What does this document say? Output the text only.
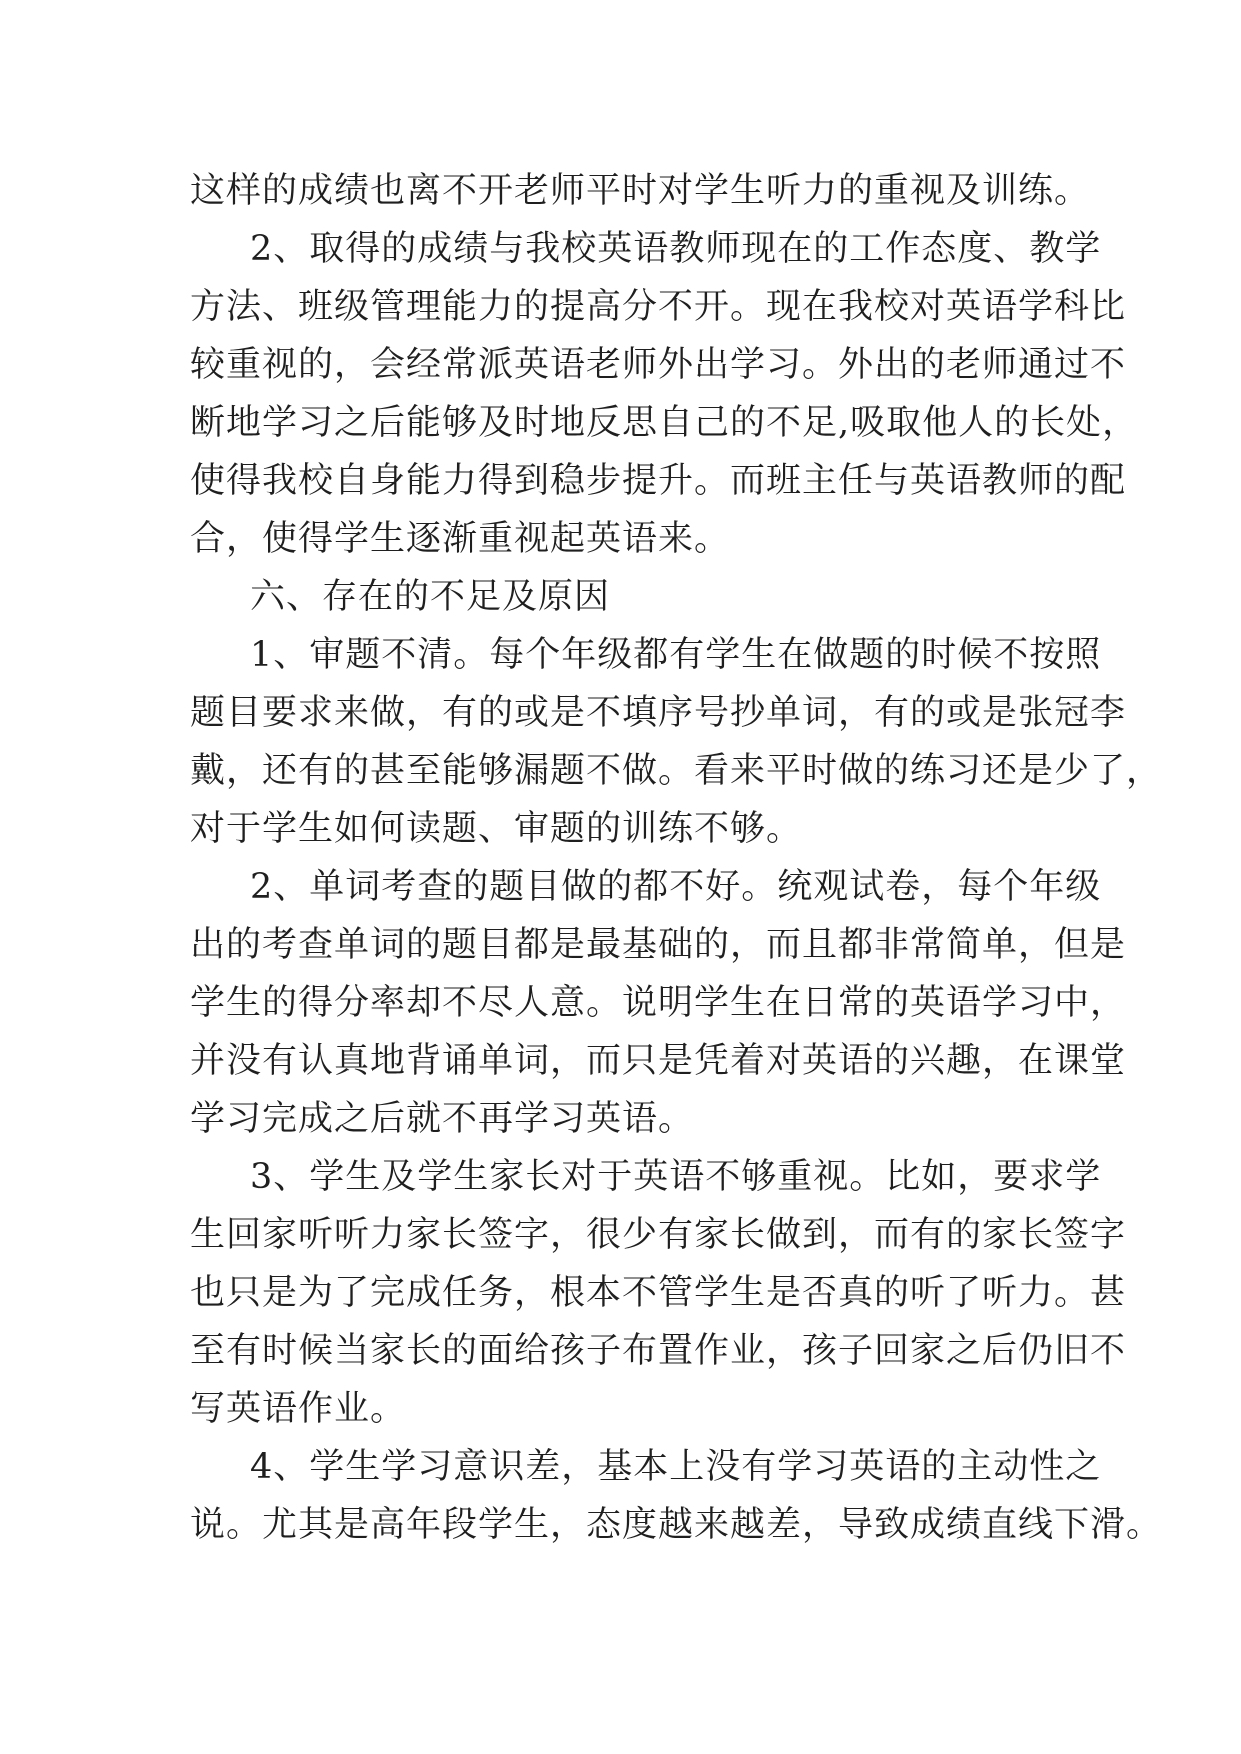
这样的成绩也离不开老师平时对学生听力的重视及训练。
2、取得的成绩与我校英语教师现在的工作态度、教学
方法、班级管理能力的提高分不开。现在我校对英语学科比
较重视的，会经常派英语老师外出学习。外出的老师通过不
断地学习之后能够及时地反思自己的不足,吸取他人的长处，
使得我校自身能力得到稳步提升。而班主任与英语教师的配
合，使得学生逐渐重视起英语来。
六、存在的不足及原因
1、审题不清。每个年级都有学生在做题的时候不按照
题目要求来做，有的或是不填序号抄单词，有的或是张冠李
戴，还有的甚至能够漏题不做。看来平时做的练习还是少了，
对于学生如何读题、审题的训练不够。
2、单词考查的题目做的都不好。统观试卷，每个年级
出的考查单词的题目都是最基础的，而且都非常简单，但是
学生的得分率却不尽人意。说明学生在日常的英语学习中，
并没有认真地背诵单词，而只是凭着对英语的兴趣，在课堂
学习完成之后就不再学习英语。
3、学生及学生家长对于英语不够重视。比如，要求学
生回家听听力家长签字，很少有家长做到，而有的家长签字
也只是为了完成任务，根本不管学生是否真的听了听力。甚
至有时候当家长的面给孩子布置作业，孩子回家之后仍旧不
写英语作业。
4、学生学习意识差，基本上没有学习英语的主动性之
说。尤其是高年段学生，态度越来越差，导致成绩直线下滑。
